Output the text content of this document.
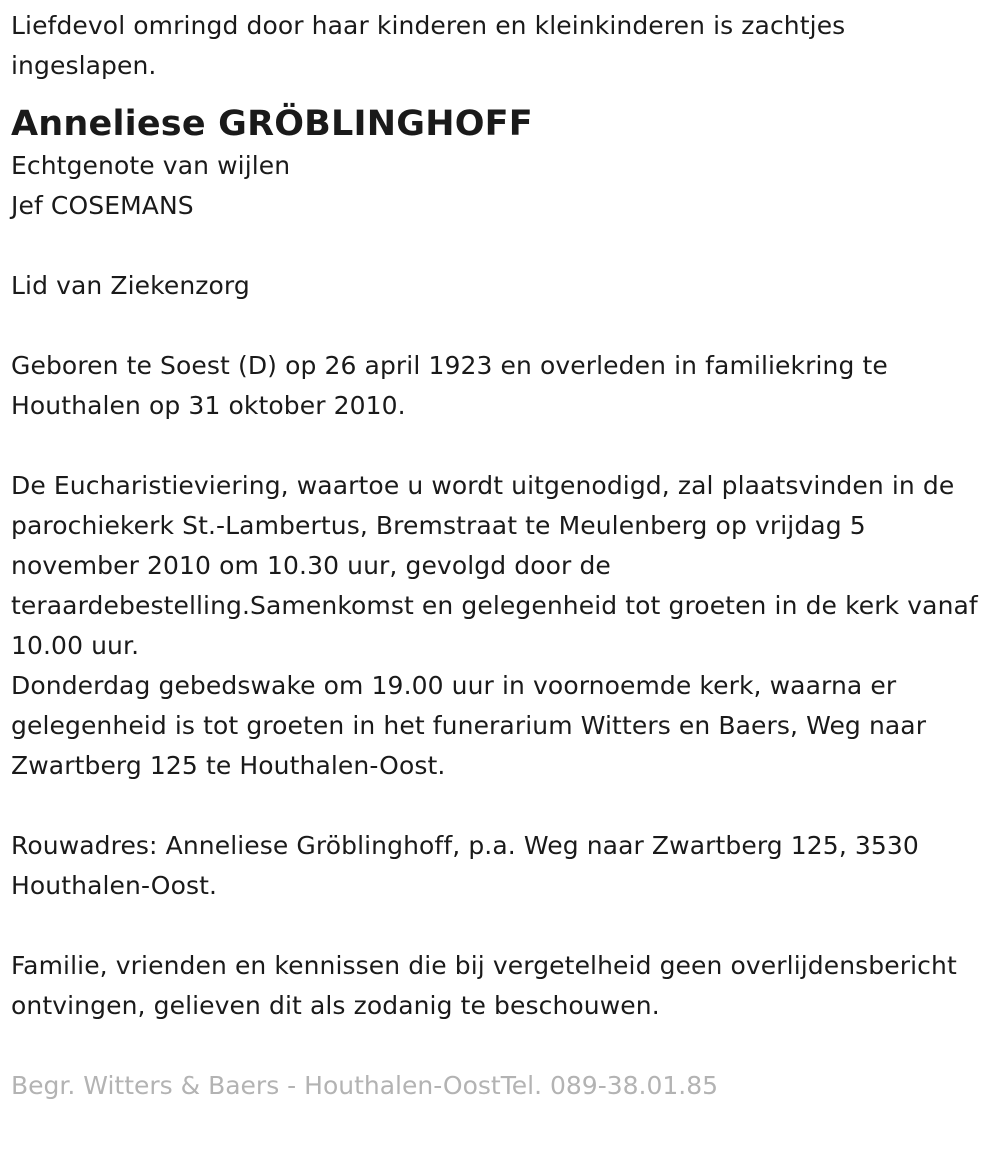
Liefdevol omringd door haar kinderen en kleinkinderen is zachtjes ingeslapen.

Anneliese GRÖBLINGHOFF

Echtgenote van wijlen

Jef COSEMANS

Lid van Ziekenzorg

Geboren te Soest (D) op 26 april 1923 en overleden in familiekring te Houthalen op 31 oktober 2010.

De Eucharistieviering, waartoe u wordt uitgenodigd, zal plaatsvinden in de parochiekerk St.-Lambertus, Bremstraat te Meulenberg op vrijdag 5 november 2010 om 10.30 uur, gevolgd door de teraardebestelling.Samenkomst en gelegenheid tot groeten in de kerk vanaf 10.00 uur.

Donderdag gebedswake om 19.00 uur in voornoemde kerk, waarna er gelegenheid is tot groeten in het funerarium Witters en Baers, Weg naar Zwartberg 125 te Houthalen-Oost.

Rouwadres: Anneliese Gröblinghoff, p.a. Weg naar Zwartberg 125, 3530 Houthalen-Oost.

Familie, vrienden en kennissen die bij vergetelheid geen overlijdensbericht ontvingen, gelieven dit als zodanig te beschouwen.

Begr. Witters & Baers - Houthalen-OostTel. 089-38.01.85
